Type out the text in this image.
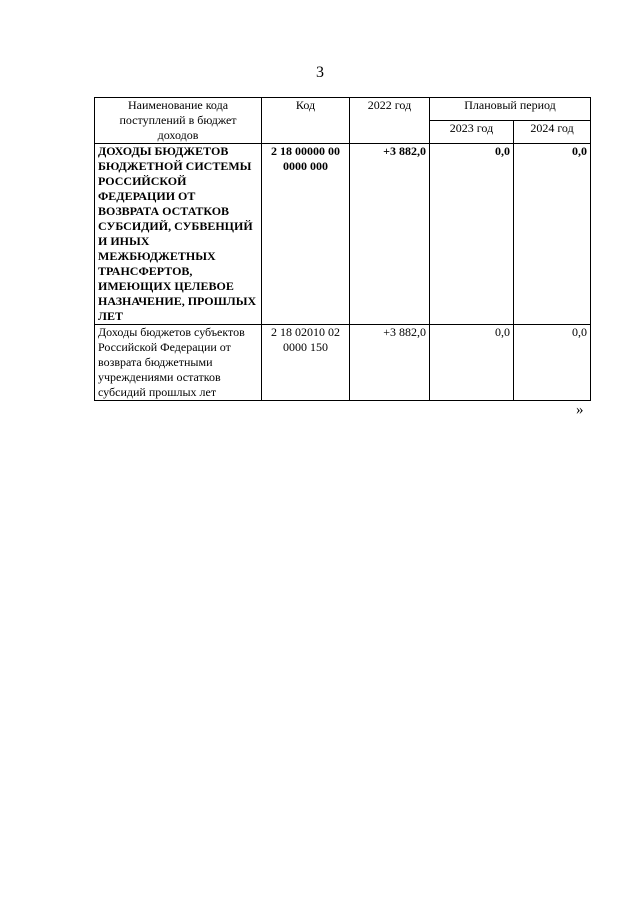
3
Наименование кода поступлений в бюджет доходов	Код	2022 год	Плановый период	
			2023 год	2024 год
ДОХОДЫ БЮДЖЕТОВ БЮДЖЕТНОЙ СИСТЕМЫ РОССИЙСКОЙ ФЕДЕРАЦИИ ОТ ВОЗВРАТА ОСТАТКОВ СУБСИДИЙ, СУБВЕНЦИЙ И ИНЫХ МЕЖБЮДЖЕТНЫХ ТРАНСФЕРТОВ, ИМЕЮЩИХ ЦЕЛЕВОЕ НАЗНАЧЕНИЕ, ПРОШЛЫХ ЛЕТ	2 18 00000 00 0000 000	+3 882,0	0,0	0,0
Доходы бюджетов субъектов Российской Федерации от возврата бюджетными учреждениями остатков субсидий прошлых лет	2 18 02010 02 0000 150	+3 882,0	0,0	0,0
»
